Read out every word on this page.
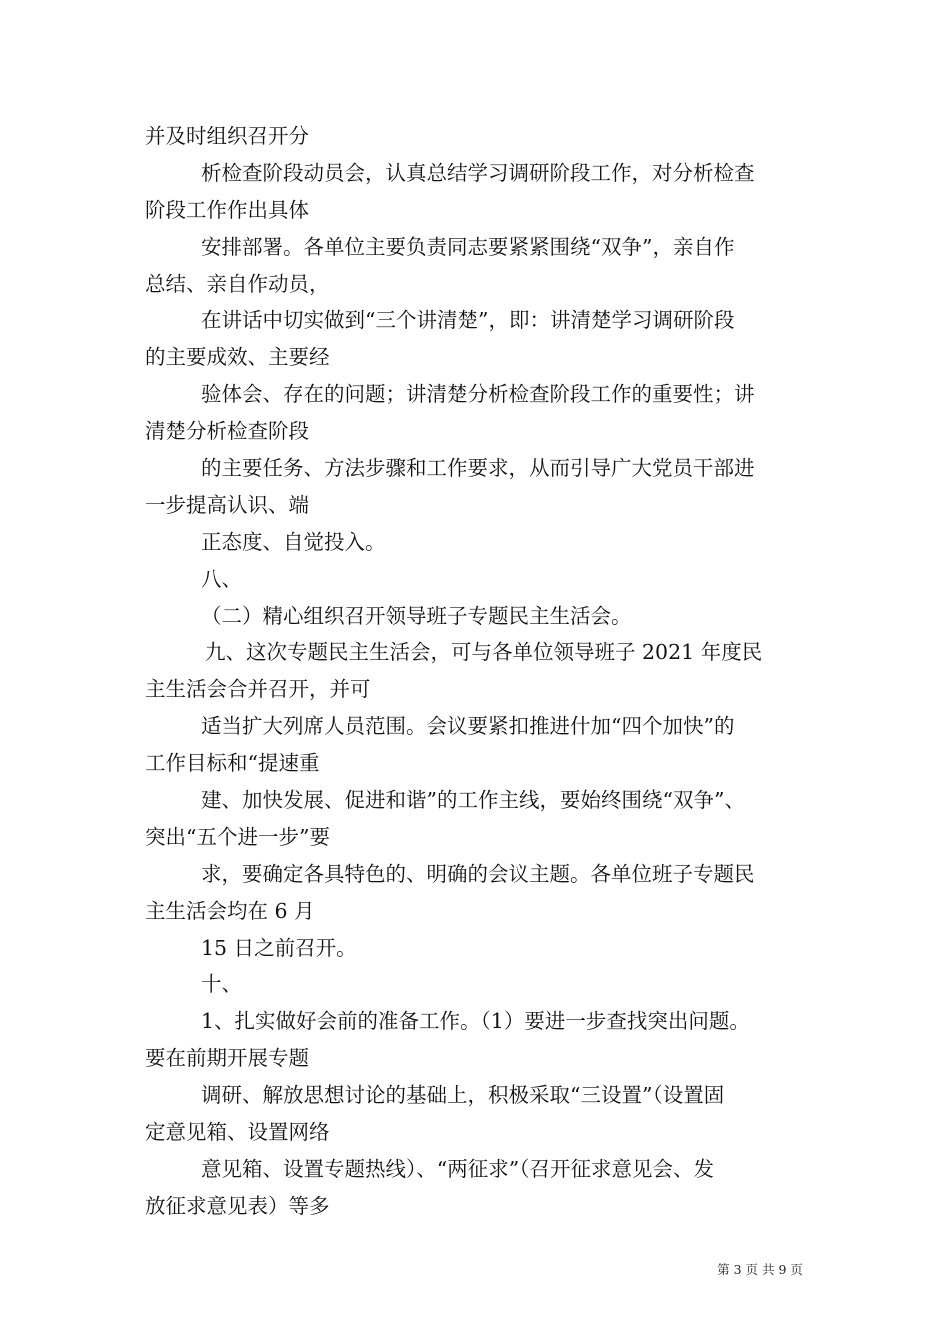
并及时组织召开分
析检查阶段动员会，认真总结学习调研阶段工作，对分析检查
阶段工作作出具体
安排部署。各单位主要负责同志要紧紧围绕“双争”，亲自作
总结、亲自作动员，
在讲话中切实做到“三个讲清楚”，即：讲清楚学习调研阶段
的主要成效、主要经
验体会、存在的问题；讲清楚分析检查阶段工作的重要性；讲
清楚分析检查阶段
的主要任务、方法步骤和工作要求，从而引导广大党员干部进
一步提高认识、端
正态度、自觉投入。
八、
（二）精心组织召开领导班子专题民主生活会。
九、这次专题民主生活会，可与各单位领导班子 2021 年度民
主生活会合并召开，并可
适当扩大列席人员范围。会议要紧扣推进什加“四个加快”的
工作目标和“提速重
建、加快发展、促进和谐”的工作主线，要始终围绕“双争”、
突出“五个进一步”要
求，要确定各具特色的、明确的会议主题。各单位班子专题民
主生活会均在 6 月
15 日之前召开。
十、
1、扎实做好会前的准备工作。（1）要进一步查找突出问题。
要在前期开展专题
调研、解放思想讨论的基础上，积极采取“三设置”（设置固
定意见箱、设置网络
意见箱、设置专题热线）、“两征求”（召开征求意见会、发
放征求意见表）等多
第 3 页 共 9 页
